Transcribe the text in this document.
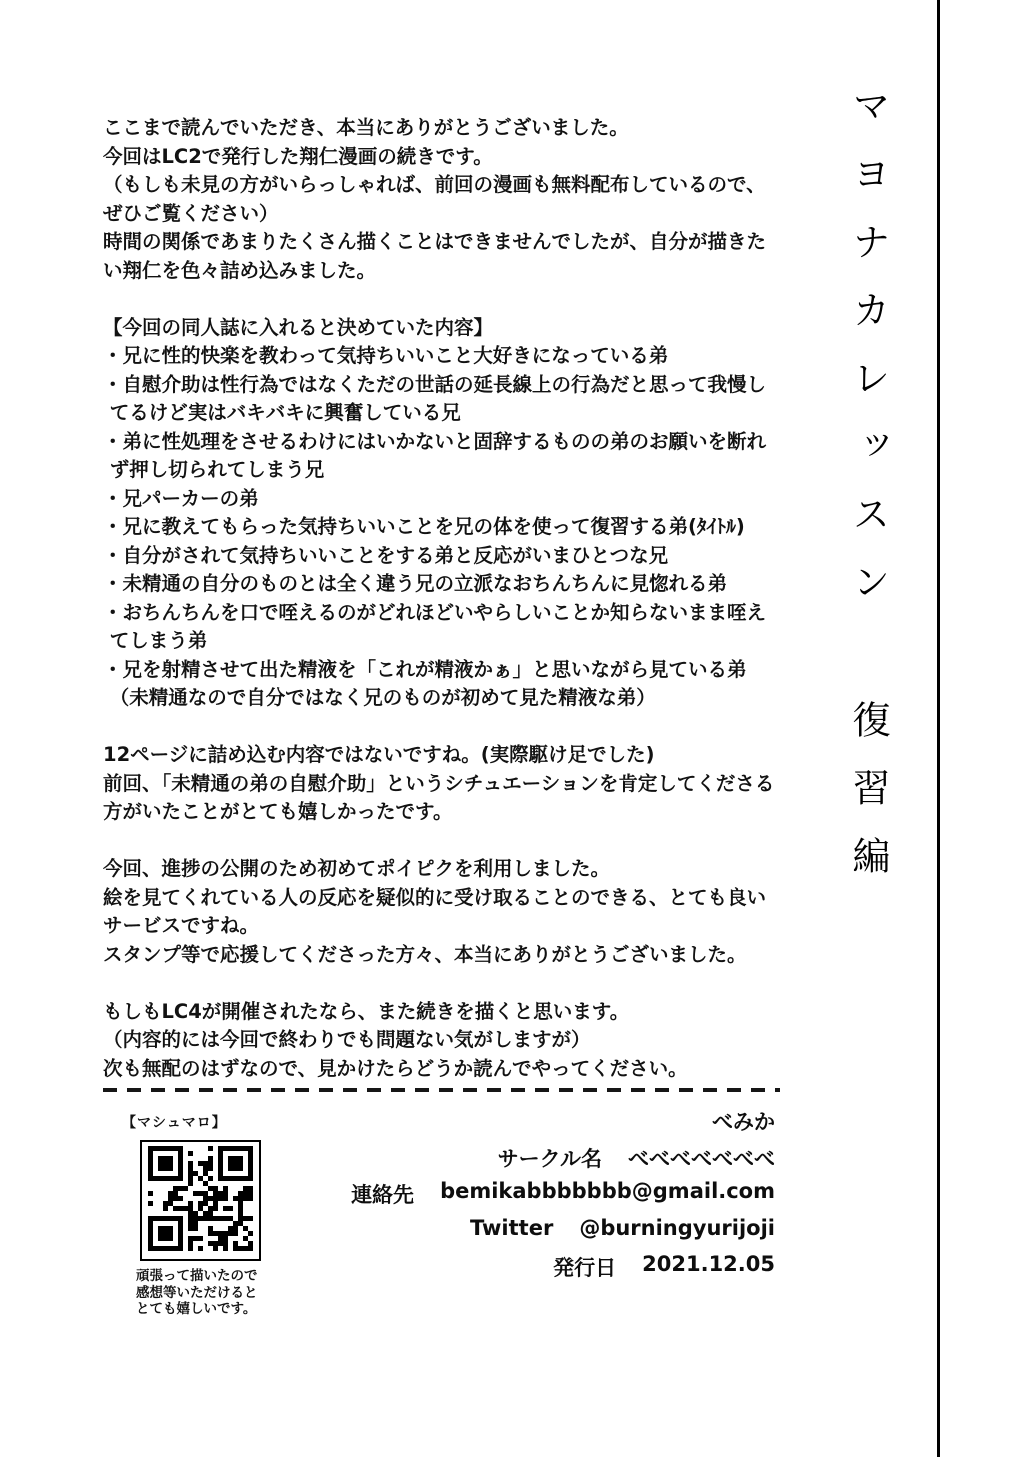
マヨナカレッスン
復習編
ここまで読んでいただき、本当にありがとうございました。
今回はLC2で発行した翔仁漫画の続きです。
（もしも未見の方がいらっしゃれば、前回の漫画も無料配布しているので、
ぜひご覧ください）
時間の関係であまりたくさん描くことはできませんでしたが、自分が描きた
い翔仁を色々詰め込みました。

【今回の同人誌に入れると決めていた内容】
・兄に性的快楽を教わって気持ちいいこと大好きになっている弟
・自慰介助は性行為ではなくただの世話の延長線上の行為だと思って我慢し
てるけど実はバキバキに興奮している兄
・弟に性処理をさせるわけにはいかないと固辞するものの弟のお願いを断れ
ず押し切られてしまう兄
・兄パーカーの弟
・兄に教えてもらった気持ちいいことを兄の体を使って復習する弟(ﾀｲﾄﾙ)
・自分がされて気持ちいいことをする弟と反応がいまひとつな兄
・未精通の自分のものとは全く違う兄の立派なおちんちんに見惚れる弟
・おちんちんを口で咥えるのがどれほどいやらしいことか知らないまま咥え
てしまう弟
・兄を射精させて出た精液を「これが精液かぁ」と思いながら見ている弟
（未精通なので自分ではなく兄のものが初めて見た精液な弟）

12ページに詰め込む内容ではないですね。(実際駆け足でした)
前回、「未精通の弟の自慰介助」というシチュエーションを肯定してくださる
方がいたことがとても嬉しかったです。

今回、進捗の公開のため初めてポイピクを利用しました。
絵を見てくれている人の反応を疑似的に受け取ることのできる、とても良い
サービスですね。
スタンプ等で応援してくださった方々、本当にありがとうございました。

もしもLC4が開催されたなら、また続きを描くと思います。
（内容的には今回で終わりでも問題ない気がしますが）
次も無配のはずなので、見かけたらどうか読んでやってください。
【マシュマロ】
頑張って描いたので
感想等いただけると
とても嬉しいです。
べみか
サークル名 べべべべべべべ
連絡先 bemikabbbbbbb@gmail.com
Twitter @burningyurijoji
発行日 2021.12.05
